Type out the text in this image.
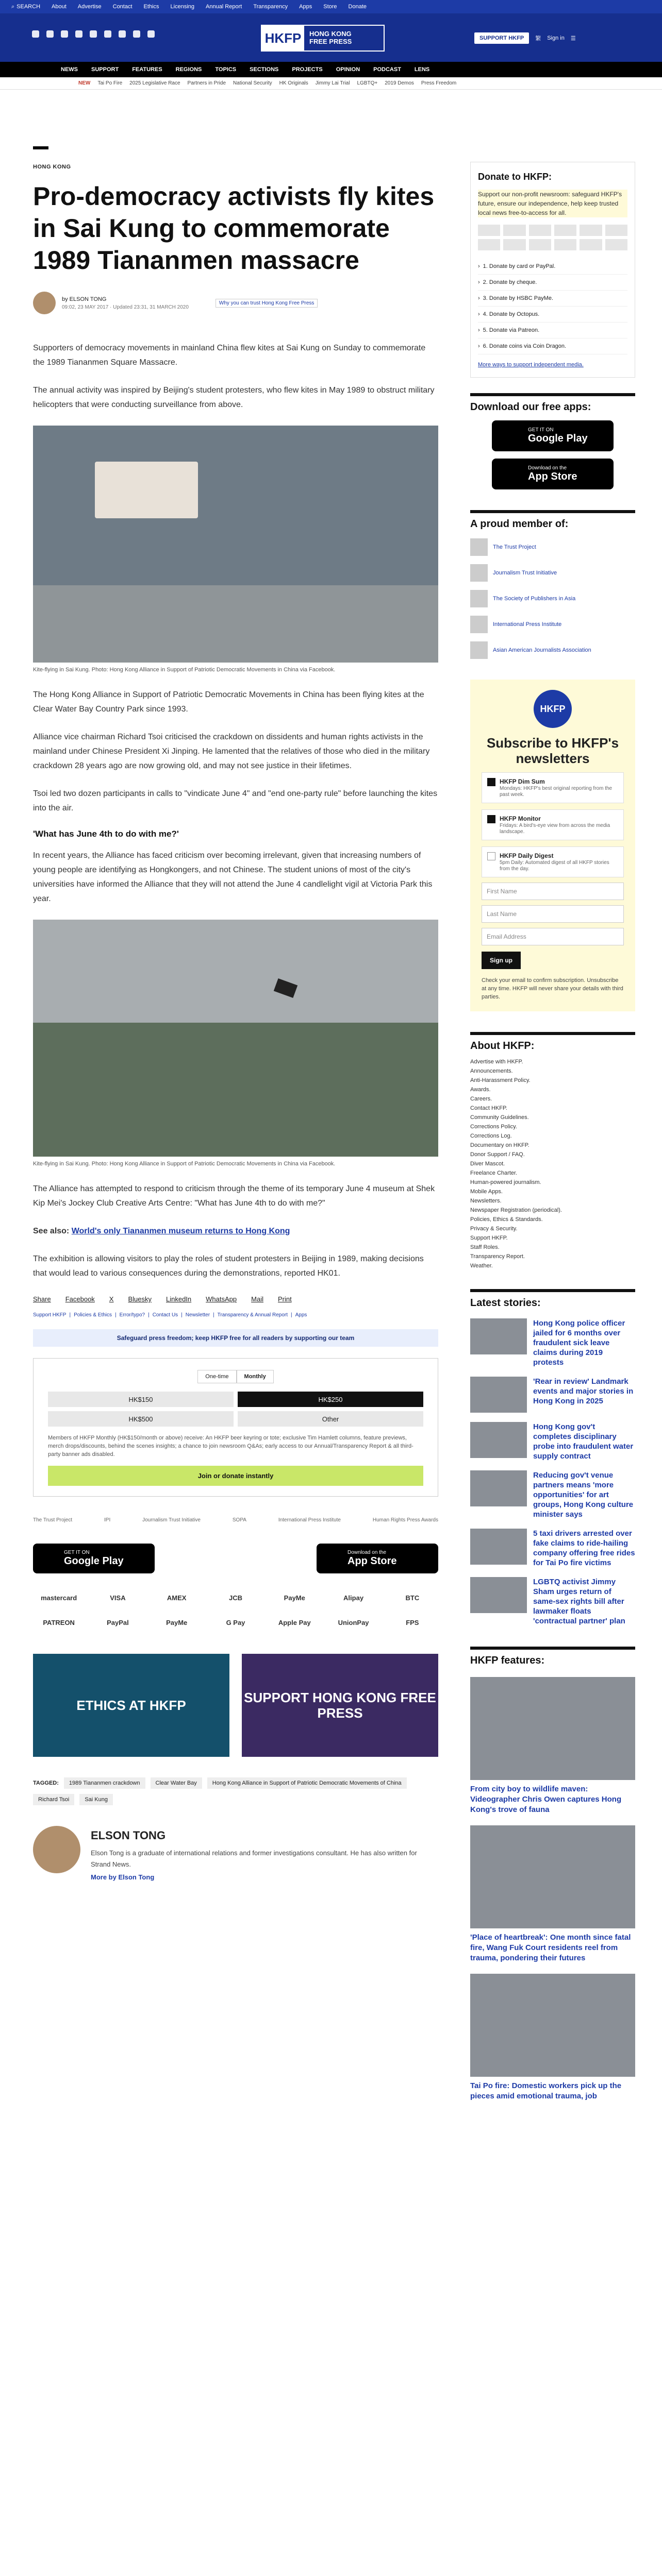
⌕ SEARCH About Advertise Contact Ethics Licensing Annual Report Transparency Apps Store Donate
HKFP	HONG KONG
FREE PRESS	SUPPORT HKFP	繁 Sign in ☰
NEWS SUPPORT FEATURES REGIONS TOPICS SECTIONS PROJECTS OPINION PODCAST LENS
NEW Tai Po Fire 2025 Legislative Race Partners in Pride National Security HK Originals Jimmy Lai Trial LGBTQ+ 2019 Demos Press Freedom
HONG KONG
Pro-democracy activists fly kites in Sai Kung to commemorate 1989 Tiananmen massacre
by ELSON TONG
09:02, 23 MAY 2017 · Updated 23:31, 31 MARCH 2020
Why you can trust Hong Kong Free Press

Supporters of democracy movements in mainland China flew kites at Sai Kung on Sunday to commemorate the 1989 Tiananmen Square Massacre.

The annual activity was inspired by Beijing's student protesters, who flew kites in May 1989 to obstruct military helicopters that were conducting surveillance from above.

Kite-flying in Sai Kung. Photo: Hong Kong Alliance in Support of Patriotic Democratic Movements in China via Facebook.

The Hong Kong Alliance in Support of Patriotic Democratic Movements in China has been flying kites at the Clear Water Bay Country Park since 1993.

Alliance vice chairman Richard Tsoi criticised the crackdown on dissidents and human rights activists in the mainland under Chinese President Xi Jinping. He lamented that the relatives of those who died in the military crackdown 28 years ago are now growing old, and may not see justice in their lifetimes.

Tsoi led two dozen participants in calls to "vindicate June 4" and "end one-party rule" before launching the kites into the air.

'What has June 4th to do with me?'

In recent years, the Alliance has faced criticism over becoming irrelevant, given that increasing numbers of young people are identifying as Hongkongers, and not Chinese. The student unions of most of the city's universities have informed the Alliance that they will not attend the June 4 candlelight vigil at Victoria Park this year.

Kite-flying in Sai Kung. Photo: Hong Kong Alliance in Support of Patriotic Democratic Movements in China via Facebook.

The Alliance has attempted to respond to criticism through the theme of its temporary June 4 museum at Shek Kip Mei's Jockey Club Creative Arts Centre: "What has June 4th to do with me?"

See also: World's only Tiananmen museum returns to Hong Kong

The exhibition is allowing visitors to play the roles of student protesters in Beijing in 1989, making decisions that would lead to various consequences during the demonstrations, reported HK01.

Share Facebook X Bluesky LinkedIn WhatsApp Mail Print
Support HKFP | Policies & Ethics | Error/typo? | Contact Us | Newsletter | Transparency & Annual Report | Apps
Safeguard press freedom; keep HKFP free for all readers by supporting our team
One-time	Monthly
HK$150	HK$250
HK$500	Other

Members of HKFP Monthly (HK$150/month or above) receive: An HKFP beer keyring or tote; exclusive Tim Hamlett columns, feature previews, merch drops/discounts, behind the scenes insights; a chance to join newsroom Q&As; early access to our Annual/Transparency Report & all third-party banner ads disabled.

Join or donate instantly
The Trust Project	IPI	Journalism Trust Initiative	SOPA	International Press Institute	Human Rights Press Awards
GET IT ON
Google Play
Download on the
App Store
mastercard	VISA	AMEX	JCB	PayMe	Alipay	BTC
PATREON	PayPal	PayMe	G Pay	Apple Pay	UnionPay	FPS
ETHICS AT HKFP	SUPPORT HONG KONG FREE PRESS
TAGGED:	1989 Tiananmen crackdown	Clear Water Bay	Hong Kong Alliance in Support of Patriotic Democratic Movements of China
Richard Tsoi	Sai Kung
ELSON TONG

Elson Tong is a graduate of international relations and former investigations consultant. He has also written for Strand News.

More by Elson Tong
Donate to HKFP:

Support our non-profit newsroom: safeguard HKFP's future, ensure our independence, help keep trusted local news free-to-access for all.

› 1. Donate by card or PayPal.
› 2. Donate by cheque.
› 3. Donate by HSBC PayMe.
› 4. Donate by Octopus.
› 5. Donate via Patreon.
› 6. Donate coins via Coin Dragon.
More ways to support independent media.
Download our free apps:
GET IT ON
Google Play
Download on the
App Store
A proud member of:
The Trust Project
Journalism Trust Initiative
The Society of Publishers in Asia
International Press Institute
Asian American Journalists Association
HKFP
Subscribe to HKFP's newsletters
HKFP Dim Sum
Mondays: HKFP's best original reporting from the past week.
HKFP Monitor
Fridays: A bird's-eye view from across the media landscape.
HKFP Daily Digest
5pm Daily: Automated digest of all HKFP stories from the day.
First Name
Last Name
Email Address
Sign up

Check your email to confirm subscription. Unsubscribe at any time. HKFP will never share your details with third parties.

About HKFP:
Advertise with HKFP.
Announcements.
Anti-Harassment Policy.
Awards.
Careers.
Contact HKFP.
Community Guidelines.
Corrections Policy.
Corrections Log.
Documentary on HKFP.
Donor Support / FAQ.
Diver Mascot.
Freelance Charter.
Human-powered journalism.
Mobile Apps.
Newsletters.
Newspaper Registration (periodical).
Policies, Ethics & Standards.
Privacy & Security.
Support HKFP.
Staff Roles.
Transparency Report.
Weather.
Latest stories:
Hong Kong police officer jailed for 6 months over fraudulent sick leave claims during 2019 protests
'Rear in review' Landmark events and major stories in Hong Kong in 2025
Hong Kong gov't completes disciplinary probe into fraudulent water supply contract
Reducing gov't venue partners means 'more opportunities' for art groups, Hong Kong culture minister says
5 taxi drivers arrested over fake claims to ride-hailing company offering free rides for Tai Po fire victims
LGBTQ activist Jimmy Sham urges return of same-sex rights bill after lawmaker floats 'contractual partner' plan
HKFP features:
From city boy to wildlife maven: Videographer Chris Owen captures Hong Kong's trove of fauna
'Place of heartbreak': One month since fatal fire, Wang Fuk Court residents reel from trauma, pondering their futures
Tai Po fire: Domestic workers pick up the pieces amid emotional trauma, job
